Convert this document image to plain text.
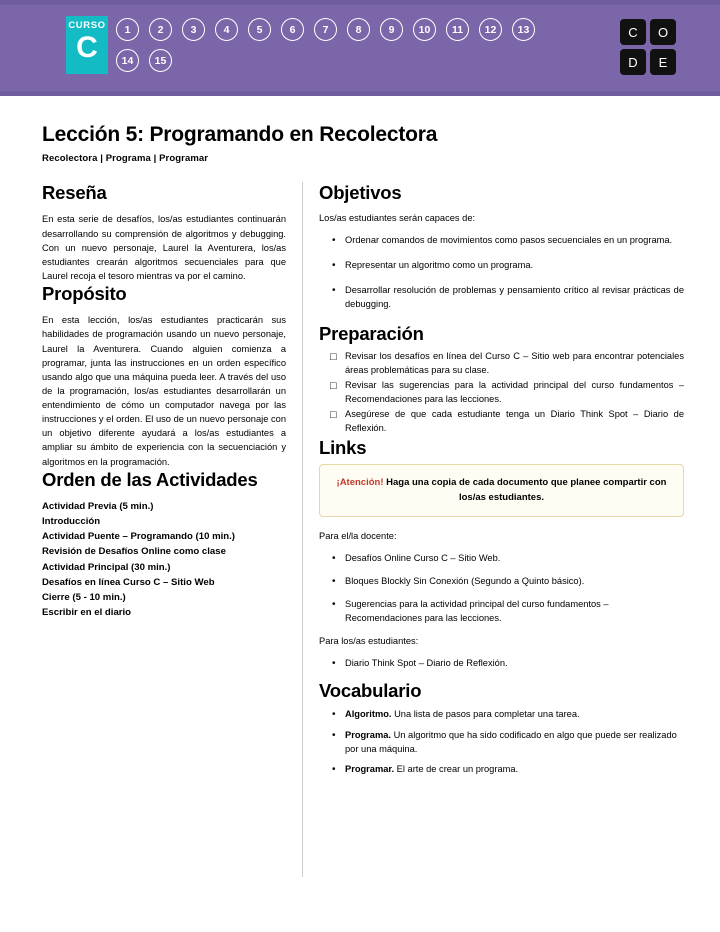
CURSO
C
1	2	3	4	5	6	7	8	9	10	11	12	13
14	15
C	O
D	E
Lección 5: Programando en Recolectora
Recolectora | Programa | Programar
Reseña

En esta serie de desafíos, los/as estudiantes continuarán desarrollando su comprensión de algoritmos y debugging. Con un nuevo personaje, Laurel la Aventurera, los/as estudiantes crearán algoritmos secuenciales para que Laurel recoja el tesoro mientras va por el camino.

Propósito

En esta lección, los/as estudiantes practicarán sus habilidades de programación usando un nuevo personaje, Laurel la Aventurera. Cuando alguien comienza a programar, junta las instrucciones en un orden específico usando algo que una máquina pueda leer. A través del uso de la programación, los/as estudiantes desarrollarán un entendimiento de cómo un computador navega por las instrucciones y el orden. El uso de un nuevo personaje con un objetivo diferente ayudará a los/as estudiantes a ampliar su ámbito de experiencia con la secuenciación y algoritmos en la programación.

Orden de las Actividades
Actividad Previa (5 min.)
Introducción
Actividad Puente – Programando (10 min.)
Revisión de Desafíos Online como clase
Actividad Principal (30 min.)
Desafíos en línea Curso C – Sitio Web
Cierre (5 - 10 min.)
Escribir en el diario
Objetivos

Los/as estudiantes serán capaces de:

• Ordenar comandos de movimientos como pasos secuenciales en un programa.
• Representar un algoritmo como un programa.
• Desarrollar resolución de problemas y pensamiento crítico al revisar prácticas de debugging.
Preparación
□ Revisar los desafíos en línea del Curso C – Sitio web para encontrar potenciales áreas problemáticas para su clase.
□ Revisar las sugerencias para la actividad principal del curso fundamentos – Recomendaciones para las lecciones.
□ Asegúrese de que cada estudiante tenga un Diario Think Spot – Diario de Reflexión.
Links
¡Atención! Haga una copia de cada documento que planee compartir con los/as estudiantes.

Para el/la docente:

• Desafíos Online Curso C – Sitio Web.
• Bloques Blockly Sin Conexión (Segundo a Quinto básico).
• Sugerencias para la actividad principal del curso fundamentos – Recomendaciones para las lecciones.

Para los/as estudiantes:

• Diario Think Spot – Diario de Reflexión.
Vocabulario
• Algoritmo. Una lista de pasos para completar una tarea.
• Programa. Un algoritmo que ha sido codificado en algo que puede ser realizado por una máquina.
• Programar. El arte de crear un programa.
